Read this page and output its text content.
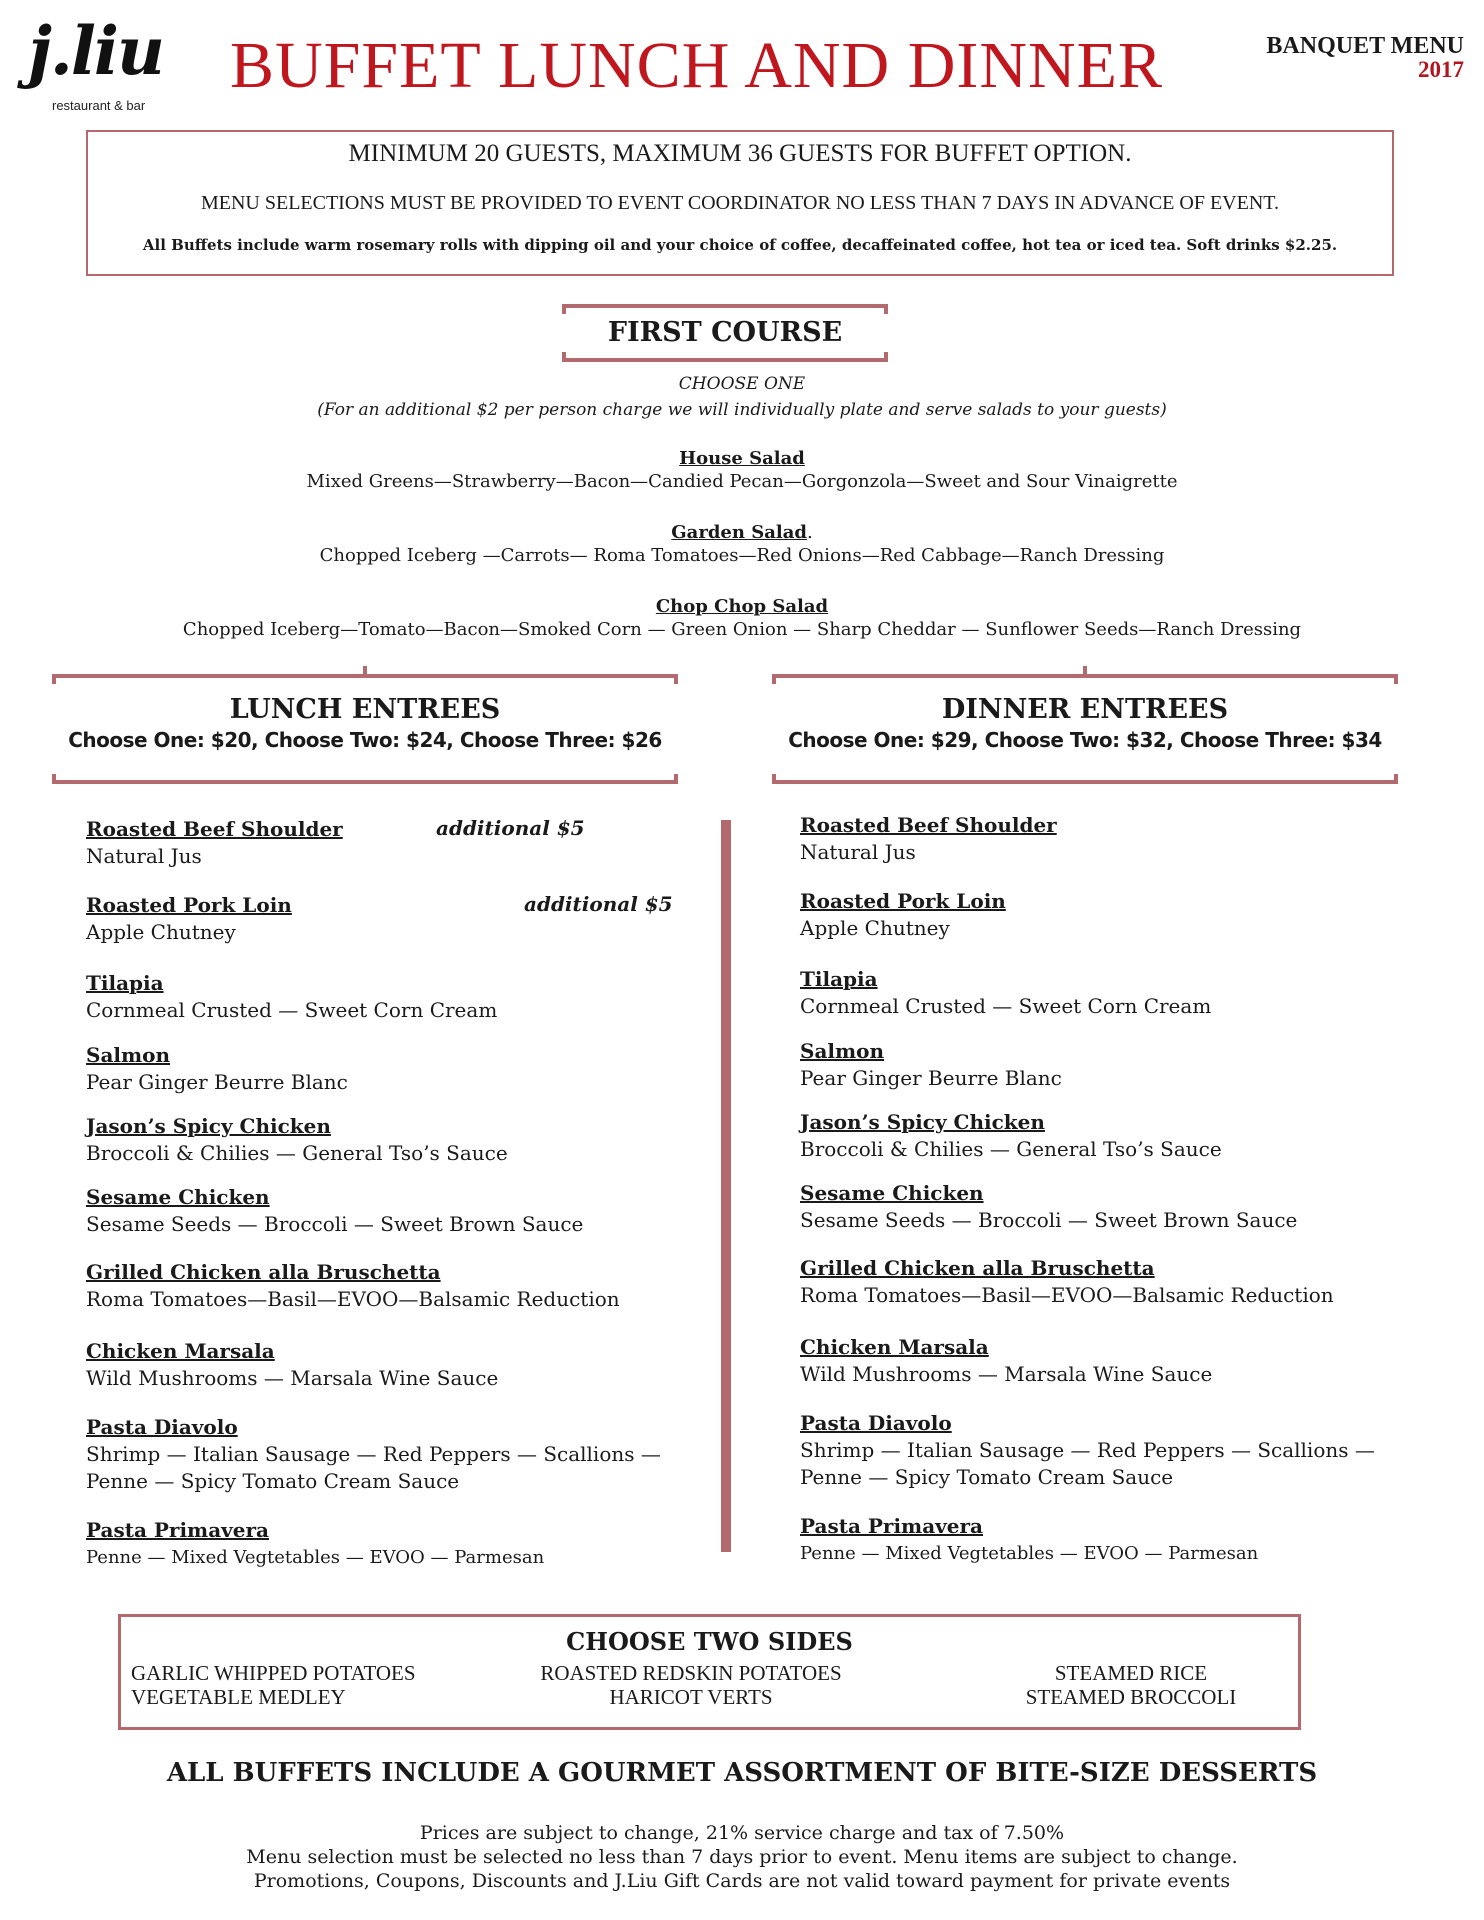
j.liu
restaurant & bar
BUFFET LUNCH AND DINNER	BANQUET MENU
2017
MINIMUM 20 GUESTS, MAXIMUM 36 GUESTS FOR BUFFET OPTION.
MENU SELECTIONS MUST BE PROVIDED TO EVENT COORDINATOR NO LESS THAN 7 DAYS IN ADVANCE OF EVENT.
All Buffets include warm rosemary rolls with dipping oil and your choice of coffee, decaffeinated coffee, hot tea or iced tea. Soft drinks $2.25.
FIRST COURSE
CHOOSE ONE
(For an additional $2 per person charge we will individually plate and serve salads to your guests)
House Salad
Mixed Greens—Strawberry—Bacon—Candied Pecan—Gorgonzola—Sweet and Sour Vinaigrette
Garden Salad.
Chopped Iceberg —Carrots— Roma Tomatoes—Red Onions—Red Cabbage—Ranch Dressing
Chop Chop Salad
Chopped Iceberg—Tomato—Bacon—Smoked Corn — Green Onion — Sharp Cheddar — Sunflower Seeds—Ranch Dressing
LUNCH ENTREES
Choose One: $20, Choose Two: $24, Choose Three: $26
DINNER ENTREES
Choose One: $29, Choose Two: $32, Choose Three: $34
Roasted Beef Shoulder
Natural Jus
additional $5
Roasted Pork Loin
Apple Chutney
additional $5
Tilapia
Cornmeal Crusted — Sweet Corn Cream
Salmon
Pear Ginger Beurre Blanc
Jason’s Spicy Chicken
Broccoli & Chilies — General Tso’s Sauce
Sesame Chicken
Sesame Seeds — Broccoli — Sweet Brown Sauce
Grilled Chicken alla Bruschetta
Roma Tomatoes—Basil—EVOO—Balsamic Reduction
Chicken Marsala
Wild Mushrooms — Marsala Wine Sauce
Pasta Diavolo
Shrimp — Italian Sausage — Red Peppers — Scallions —
Penne — Spicy Tomato Cream Sauce
Pasta Primavera
Penne — Mixed Vegtetables — EVOO — Parmesan
Roasted Beef Shoulder
Natural Jus
Roasted Pork Loin
Apple Chutney
Tilapia
Cornmeal Crusted — Sweet Corn Cream
Salmon
Pear Ginger Beurre Blanc
Jason’s Spicy Chicken
Broccoli & Chilies — General Tso’s Sauce
Sesame Chicken
Sesame Seeds — Broccoli — Sweet Brown Sauce
Grilled Chicken alla Bruschetta
Roma Tomatoes—Basil—EVOO—Balsamic Reduction
Chicken Marsala
Wild Mushrooms — Marsala Wine Sauce
Pasta Diavolo
Shrimp — Italian Sausage — Red Peppers — Scallions —
Penne — Spicy Tomato Cream Sauce
Pasta Primavera
Penne — Mixed Vegtetables — EVOO — Parmesan
CHOOSE TWO SIDES
GARLIC WHIPPED POTATOES	ROASTED REDSKIN POTATOES	STEAMED RICE
VEGETABLE MEDLEY	HARICOT VERTS	STEAMED BROCCOLI
ALL BUFFETS INCLUDE A GOURMET ASSORTMENT OF BITE-SIZE DESSERTS
Prices are subject to change, 21% service charge and tax of 7.50%
Menu selection must be selected no less than 7 days prior to event. Menu items are subject to change.
Promotions, Coupons, Discounts and J.Liu Gift Cards are not valid toward payment for private events
